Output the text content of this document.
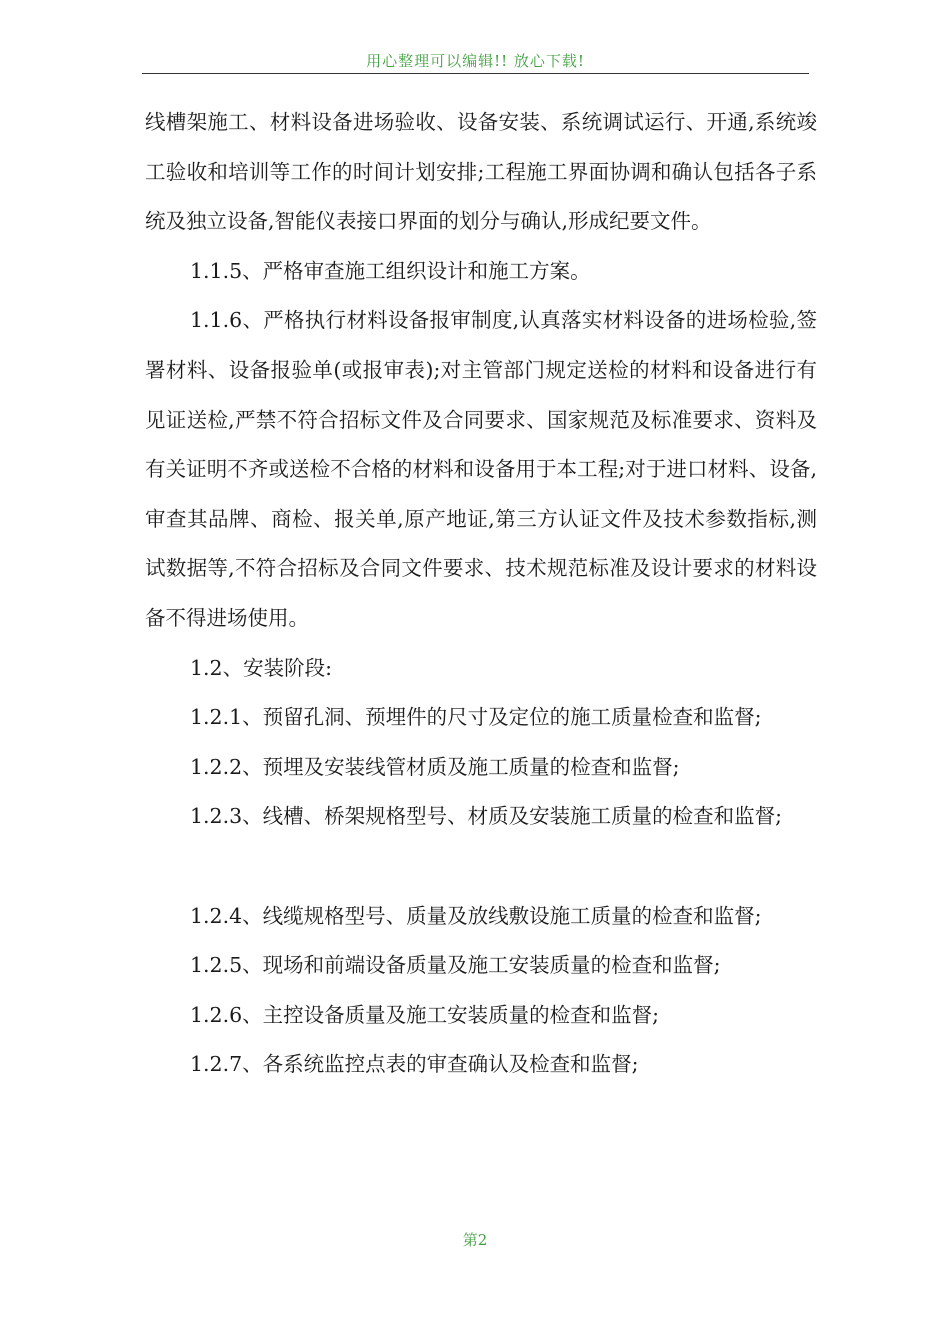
用心整理可以编辑!! 放心下载!

线槽架施工、材料设备进场验收、设备安装、系统调试运行、开通,系统竣工验收和培训等工作的时间计划安排;工程施工界面协调和确认包括各子系统及独立设备,智能仪表接口界面的划分与确认,形成纪要文件。

1.1.5、严格审查施工组织设计和施工方案。

1.1.6、严格执行材料设备报审制度,认真落实材料设备的进场检验,签署材料、设备报验单(或报审表);对主管部门规定送检的材料和设备进行有见证送检,严禁不符合招标文件及合同要求、国家规范及标准要求、资料及有关证明不齐或送检不合格的材料和设备用于本工程;对于进口材料、设备,审查其品牌、商检、报关单,原产地证,第三方认证文件及技术参数指标,测试数据等,不符合招标及合同文件要求、技术规范标准及设计要求的材料设备不得进场使用。

1.2、安装阶段:

1.2.1、预留孔洞、预埋件的尺寸及定位的施工质量检查和监督;

1.2.2、预埋及安装线管材质及施工质量的检查和监督;

1.2.3、线槽、桥架规格型号、材质及安装施工质量的检查和监督;

1.2.4、线缆规格型号、质量及放线敷设施工质量的检查和监督;

1.2.5、现场和前端设备质量及施工安装质量的检查和监督;

1.2.6、主控设备质量及施工安装质量的检查和监督;

1.2.7、各系统监控点表的审查确认及检查和监督;

第2
